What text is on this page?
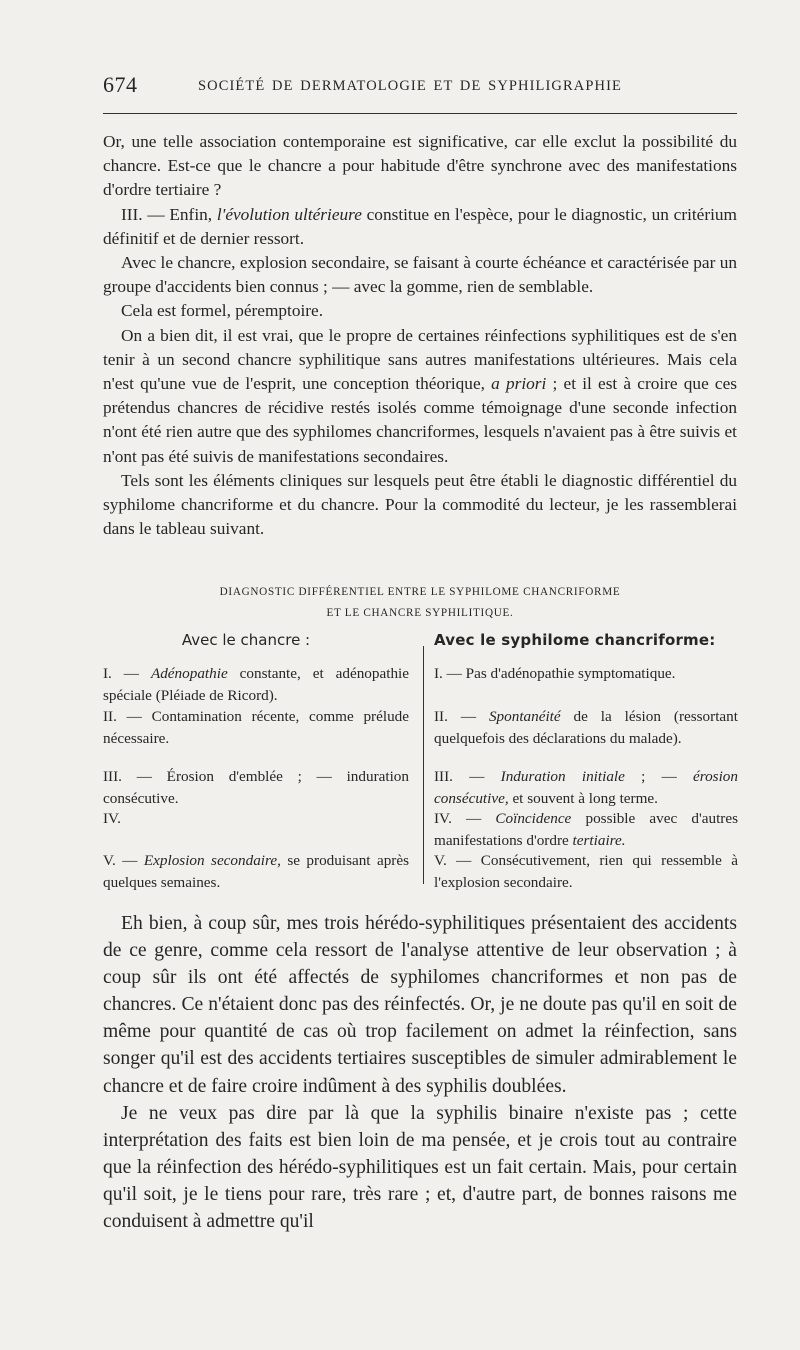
674	SOCIÉTÉ DE DERMATOLOGIE ET DE SYPHILIGRAPHIE

Or, une telle association contemporaine est significative, car elle exclut la possibilité du chancre. Est-ce que le chancre a pour habitude d'être synchrone avec des manifestations d'ordre tertiaire ?

III. — Enfin, l'évolution ultérieure constitue en l'espèce, pour le diagnostic, un critérium définitif et de dernier ressort.

Avec le chancre, explosion secondaire, se faisant à courte échéance et caractérisée par un groupe d'accidents bien connus ; — avec la gomme, rien de semblable.

Cela est formel, péremptoire.

On a bien dit, il est vrai, que le propre de certaines réinfections syphilitiques est de s'en tenir à un second chancre syphilitique sans autres manifestations ultérieures. Mais cela n'est qu'une vue de l'esprit, une conception théorique, a priori ; et il est à croire que ces prétendus chancres de récidive restés isolés comme témoignage d'une seconde infection n'ont été rien autre que des syphilomes chancriformes, lesquels n'avaient pas à être suivis et n'ont pas été suivis de manifestations secondaires.

Tels sont les éléments cliniques sur lesquels peut être établi le diagnostic différentiel du syphilome chancriforme et du chancre. Pour la commodité du lecteur, je les rassemblerai dans le tableau suivant.

DIAGNOSTIC DIFFÉRENTIEL ENTRE LE SYPHILOME CHANCRIFORME
ET LE CHANCRE SYPHILITIQUE.
Avec le chancre :
I. — Adénopathie constante, et adénopathie spéciale (Pléiade de Ricord).
II. — Contamination récente, comme prélude nécessaire.
III. — Érosion d'emblée ; — induration consécutive.
IV.
V. — Explosion secondaire, se produisant après quelques semaines.
Avec le syphilome chancriforme:
I. — Pas d'adénopathie symptomatique.
II. — Spontanéité de la lésion (ressortant quelquefois des déclarations du malade).
III. — Induration initiale ; — érosion consécutive, et souvent à long terme.
IV. — Coïncidence possible avec d'autres manifestations d'ordre tertiaire.
V. — Consécutivement, rien qui ressemble à l'explosion secondaire.

Eh bien, à coup sûr, mes trois hérédo-syphilitiques présentaient des accidents de ce genre, comme cela ressort de l'analyse attentive de leur observation ; à coup sûr ils ont été affectés de syphilomes chancriformes et non pas de chancres. Ce n'étaient donc pas des réinfectés. Or, je ne doute pas qu'il en soit de même pour quantité de cas où trop facilement on admet la réinfection, sans songer qu'il est des accidents tertiaires susceptibles de simuler admirablement le chancre et de faire croire indûment à des syphilis doublées.

Je ne veux pas dire par là que la syphilis binaire n'existe pas ; cette interprétation des faits est bien loin de ma pensée, et je crois tout au contraire que la réinfection des hérédo-syphilitiques est un fait certain. Mais, pour certain qu'il soit, je le tiens pour rare, très rare ; et, d'autre part, de bonnes raisons me conduisent à admettre qu'il
